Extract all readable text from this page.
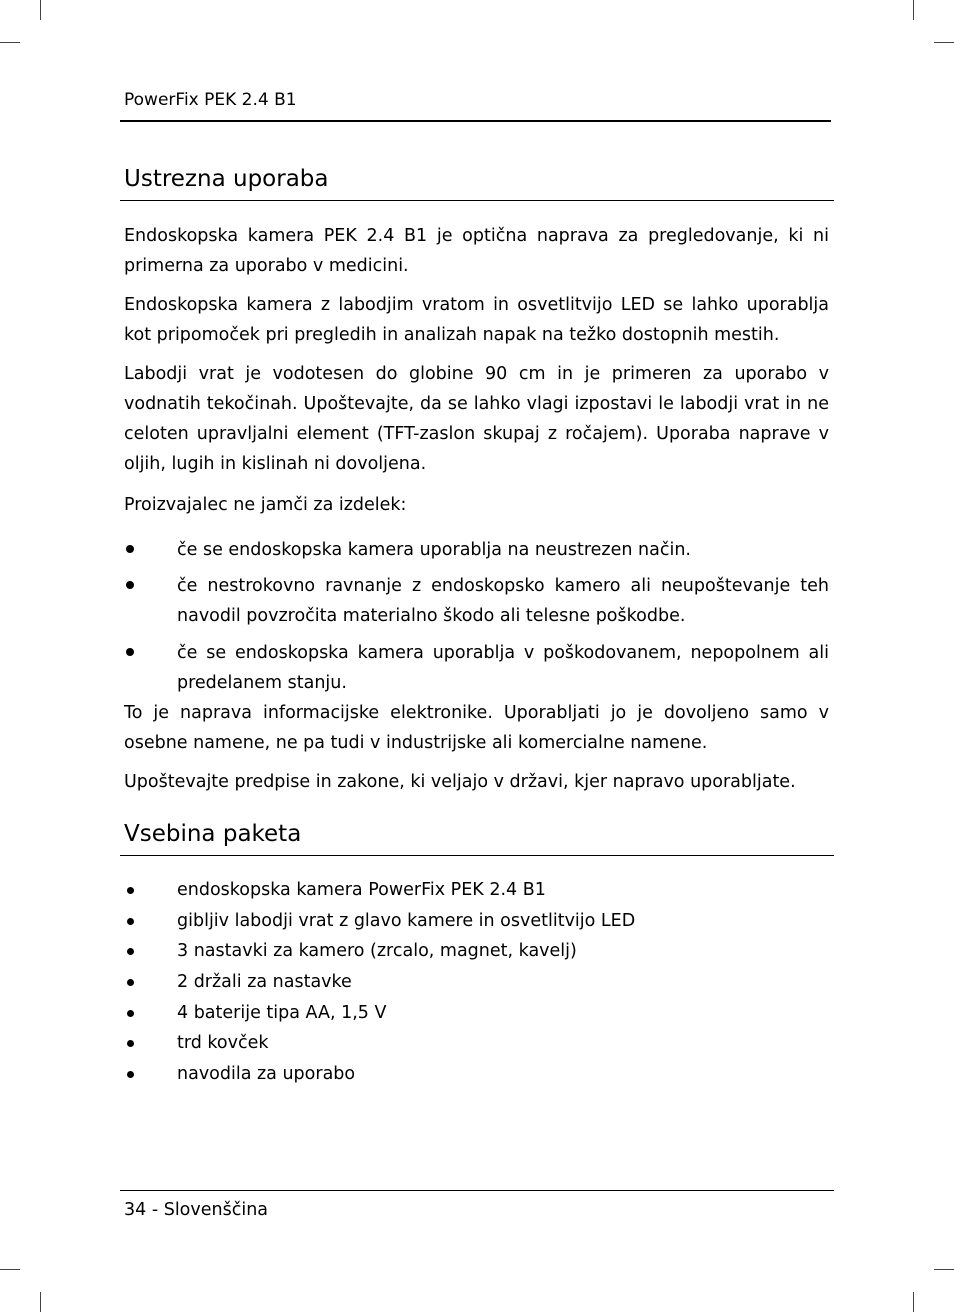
PowerFix PEK 2.4 B1
Ustrezna uporaba

Endoskopska kamera PEK 2.4 B1 je optična naprava za pregledovanje, ki ni primerna za uporabo v medicini.

Endoskopska kamera z labodjim vratom in osvetlitvijo LED se lahko uporablja kot pripomoček pri pregledih in analizah napak na težko dostopnih mestih.

Labodji vrat je vodotesen do globine 90 cm in je primeren za uporabo v vodnatih tekočinah. Upoštevajte, da se lahko vlagi izpostavi le labodji vrat in ne celoten upravljalni element (TFT-zaslon skupaj z ročajem). Uporaba naprave v oljih, lugih in kislinah ni dovoljena.

Proizvajalec ne jamči za izdelek:

če se endoskopska kamera uporablja na neustrezen način.

če nestrokovno ravnanje z endoskopsko kamero ali neupoštevanje teh navodil povzročita materialno škodo ali telesne poškodbe.

če se endoskopska kamera uporablja v poškodovanem, nepopolnem ali predelanem stanju.

To je naprava informacijske elektronike. Uporabljati jo je dovoljeno samo v osebne namene, ne pa tudi v industrijske ali komercialne namene.

Upoštevajte predpise in zakone, ki veljajo v državi, kjer napravo uporabljate.

Vsebina paketa
endoskopska kamera PowerFix PEK 2.4 B1
gibljiv labodji vrat z glavo kamere in osvetlitvijo LED
3 nastavki za kamero (zrcalo, magnet, kavelj)
2 držali za nastavke
4 baterije tipa AA, 1,5 V
trd kovček
navodila za uporabo
34 - Slovenščina
